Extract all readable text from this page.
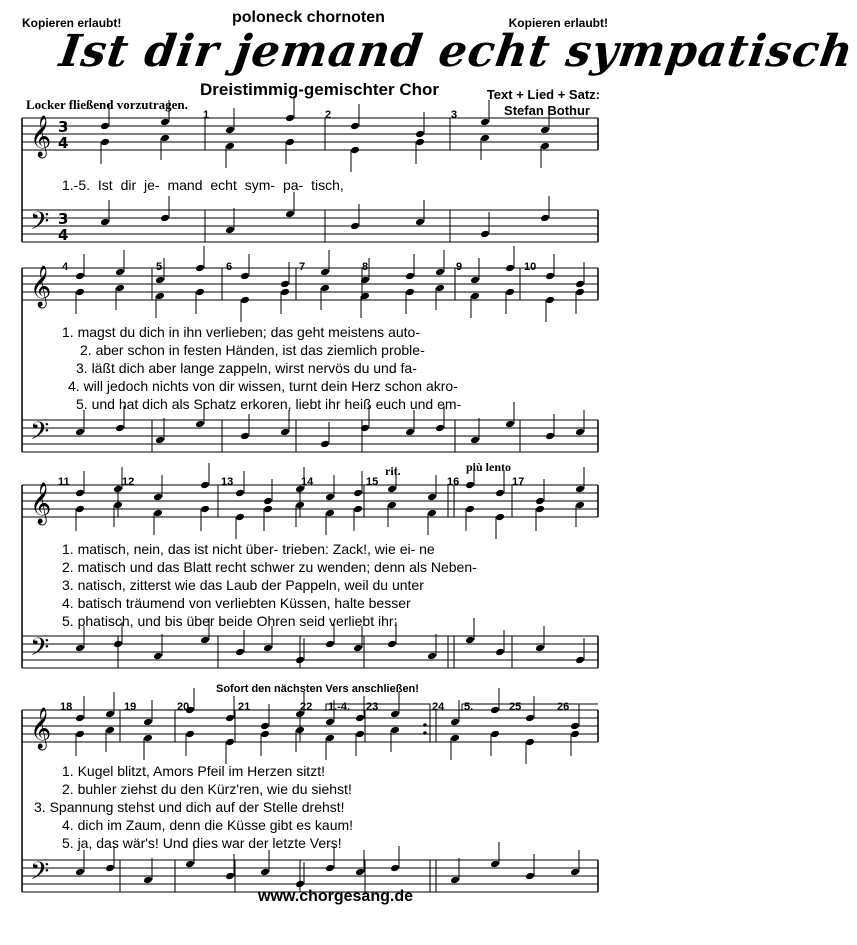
Kopieren erlaubt!	poloneck chornoten	Kopieren erlaubt!
Ist dir jemand echt sympatisch
Dreistimmig-gemischter Chor	Text + Lied + Satz:
Stefan Bothur
Locker fließend vorzutragen.
rit.	più lento
𝄞
𝄢
3
3
4
4
𝄞
𝄢
𝄞
𝄢
𝄞
𝄢
1	2	3
4	5	6	7	8	9	10
11	12	13	14	15	16	17
18	19	20	21	22	23	24	25	26
Sofort den nächsten Vers anschließen!
1.-4.	5.
1.-5. Ist dir je- mand echt sym- pa- tisch,
1. magst du dich in ihn verlieben; das geht meistens auto-
2. aber schon in festen Händen, ist das ziemlich proble-
3. läßt dich aber lange zappeln, wirst nervös du und fa-
4. will jedoch nichts von dir wissen, turnt dein Herz schon akro-
5. und hat dich als Schatz erkoren, liebt ihr heiß euch und em-
1. matisch, nein, das ist nicht über- trieben: Zack!, wie ei- ne
2. matisch und das Blatt recht schwer zu wenden; denn als Neben-
3. natisch, zitterst wie das Laub der Pappeln, weil du unter
4. batisch träumend von verliebten Küssen, halte besser
5. phatisch, und bis über beide Ohren seid verliebt ihr:
1. Kugel blitzt, Amors Pfeil im Herzen sitzt!
2. buhler ziehst du den Kürz'ren, wie du siehst!
3. Spannung stehst und dich auf der Stelle drehst!
4. dich im Zaum, denn die Küsse gibt es kaum!
5. ja, das wär's! Und dies war der letzte Vers!
www.chorgesang.de
